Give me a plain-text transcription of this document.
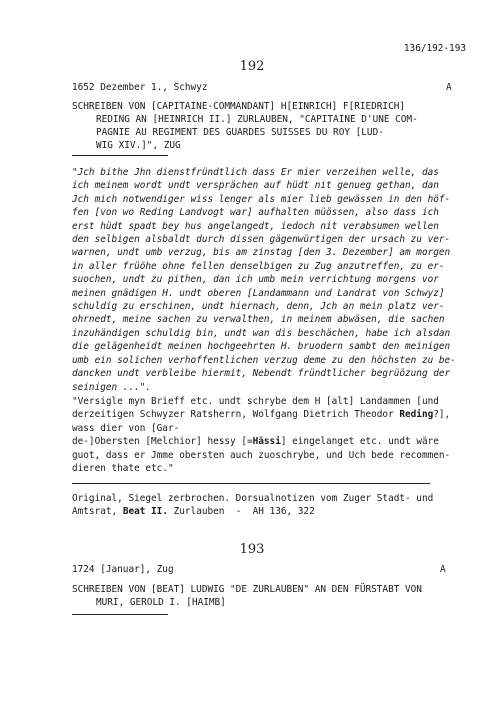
136/192-193
192
1652 Dezember 1., Schwyz	A
SCHREIBEN VON [CAPITAINE-COMMANDANT] H[EINRICH] F[RIEDRICH]
REDING AN [HEINRICH II.] ZURLAUBEN, "CAPITAINE D'UNE COM-
PAGNIE AU REGIMENT DES GUARDES SUISSES DU ROY [LUD-
WIG XIV.]", ZUG
"Jch bithe Jhn dienstfründtlich dass Er mier verzeihen welle, das
ich meinem wordt undt versprächen auf hüdt nit genueg gethan, dan
Jch mich notwendiger wiss lenger als mier lieb gewässen in den höf-
fen [von wo Reding Landvogt war] aufhalten müössen, also dass ich
erst hüdt spadt bey hus angelangedt, iedoch nit verabsumen wellen
den selbigen alsbaldt durch dissen gägenwürtigen der ursach zu ver-
warnen, undt umb verzug, bis am zinstag [den 3. Dezember] am morgen
in aller früöhe ohne fellen denselbigen zu Zug anzutreffen, zu er-
suochen, undt zu pithen, dan ich umb mein verrichtung morgens vor
meinen gnädigen H. undt oberen [Landammann und Landrat von Schwyz]
schuldig zu erschinen, undt hiernach, denn, Jch an mein platz ver-
ohrnedt, meine sachen zu verwalthen, in meinem abwäsen, die sachen
inzuhändigen schuldig bin, undt wan dis beschächen, habe ich alsdan
die gelägenheidt meinen hochgeehrten H. bruodern sambt den meinigen
umb ein solichen verhoffentlichen verzug deme zu den höchsten zu be-
dancken undt verbleibe hiermit, Nebendt fründtlicher begrüözung der
seinigen ...".
"Versigle myn Brieff etc. undt schrybe dem H [alt] Landammen [und
derzeitigen Schwyzer Ratsherrn, Wolfgang Dietrich Theodor Reding?],
wass dier von [Gar-
de-]Obersten [Melchior] hessy [=Hässi] eingelanget etc. undt wäre
guot, dass er Jmme obersten auch zuoschrybe, und Uch bede recommen-
dieren thate etc."
Original, Siegel zerbrochen. Dorsualnotizen vom Zuger Stadt- und
Amtsrat, Beat II. Zurlauben  -  AH 136, 322
193
1724 [Januar], Zug	A
SCHREIBEN VON [BEAT] LUDWIG "DE ZURLAUBEN" AN DEN FÜRSTABT VON
MURI, GEROLD I. [HAIMB]
